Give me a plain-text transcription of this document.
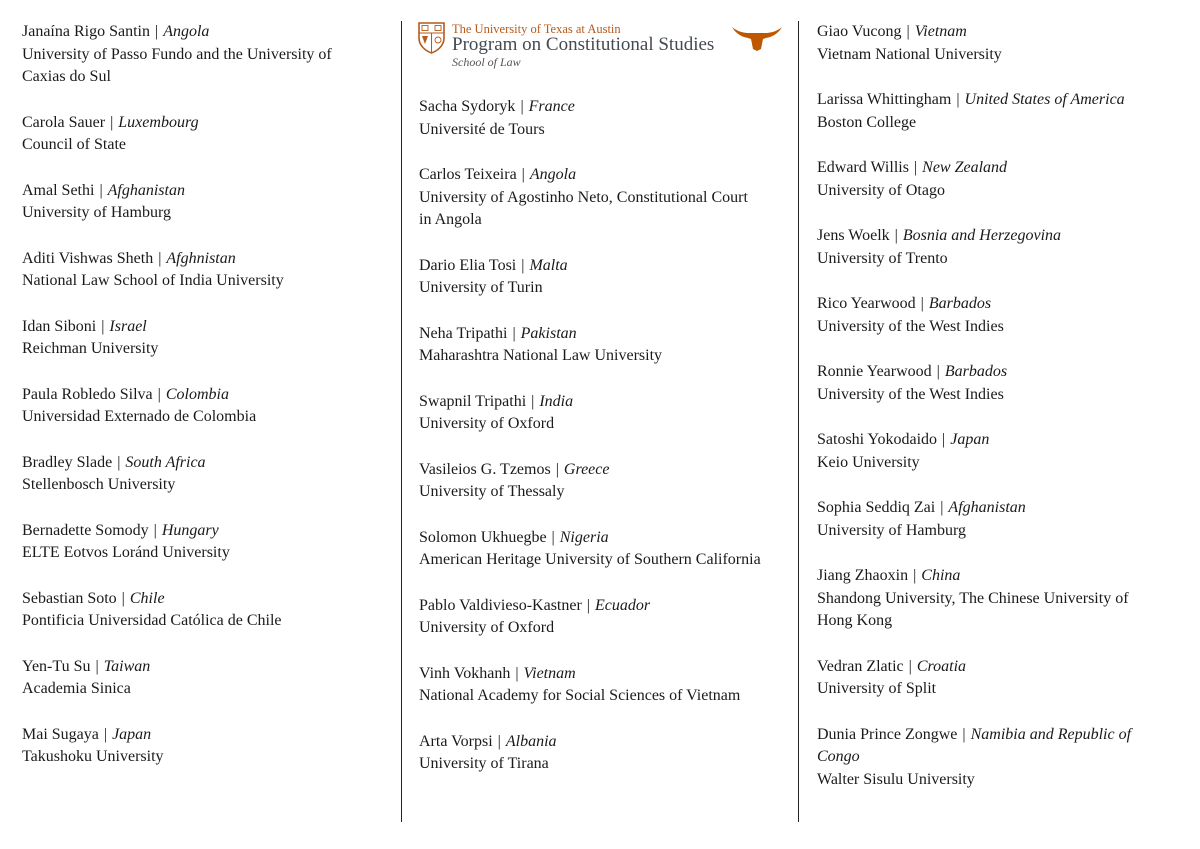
The University of Texas at Austin
Program on Constitutional Studies
School of Law
Janaína Rigo Santin | Angola
University of Passo Fundo and the University of
Caxias do Sul
Carola Sauer | Luxembourg
Council of State
Amal Sethi | Afghanistan
University of Hamburg
Aditi Vishwas Sheth | Afghnistan
National Law School of India University
Idan Siboni | Israel
Reichman University
Paula Robledo Silva | Colombia
Universidad Externado de Colombia
Bradley Slade | South Africa
Stellenbosch University
Bernadette Somody | Hungary
ELTE Eotvos Loránd University
Sebastian Soto | Chile
Pontificia Universidad Católica de Chile
Yen-Tu Su | Taiwan
Academia Sinica
Mai Sugaya | Japan
Takushoku University
Sacha Sydoryk | France
Université de Tours
Carlos Teixeira | Angola
University of Agostinho Neto, Constitutional Court
in Angola
Dario Elia Tosi | Malta
University of Turin
Neha Tripathi | Pakistan
Maharashtra National Law University
Swapnil Tripathi | India
University of Oxford
Vasileios G. Tzemos | Greece
University of Thessaly
Solomon Ukhuegbe | Nigeria
American Heritage University of Southern California
Pablo Valdivieso-Kastner | Ecuador
University of Oxford
Vinh Vokhanh | Vietnam
National Academy for Social Sciences of Vietnam
Arta Vorpsi | Albania
University of Tirana
Giao Vucong | Vietnam
Vietnam National University
Larissa Whittingham | United States of America
Boston College
Edward Willis | New Zealand
University of Otago
Jens Woelk | Bosnia and Herzegovina
University of Trento
Rico Yearwood | Barbados
University of the West Indies
Ronnie Yearwood | Barbados
University of the West Indies
Satoshi Yokodaido | Japan
Keio University
Sophia Seddiq Zai | Afghanistan
University of Hamburg
Jiang Zhaoxin | China
Shandong University, The Chinese University of
Hong Kong
Vedran Zlatic | Croatia
University of Split
Dunia Prince Zongwe | Namibia and Republic of
Congo
Walter Sisulu University
